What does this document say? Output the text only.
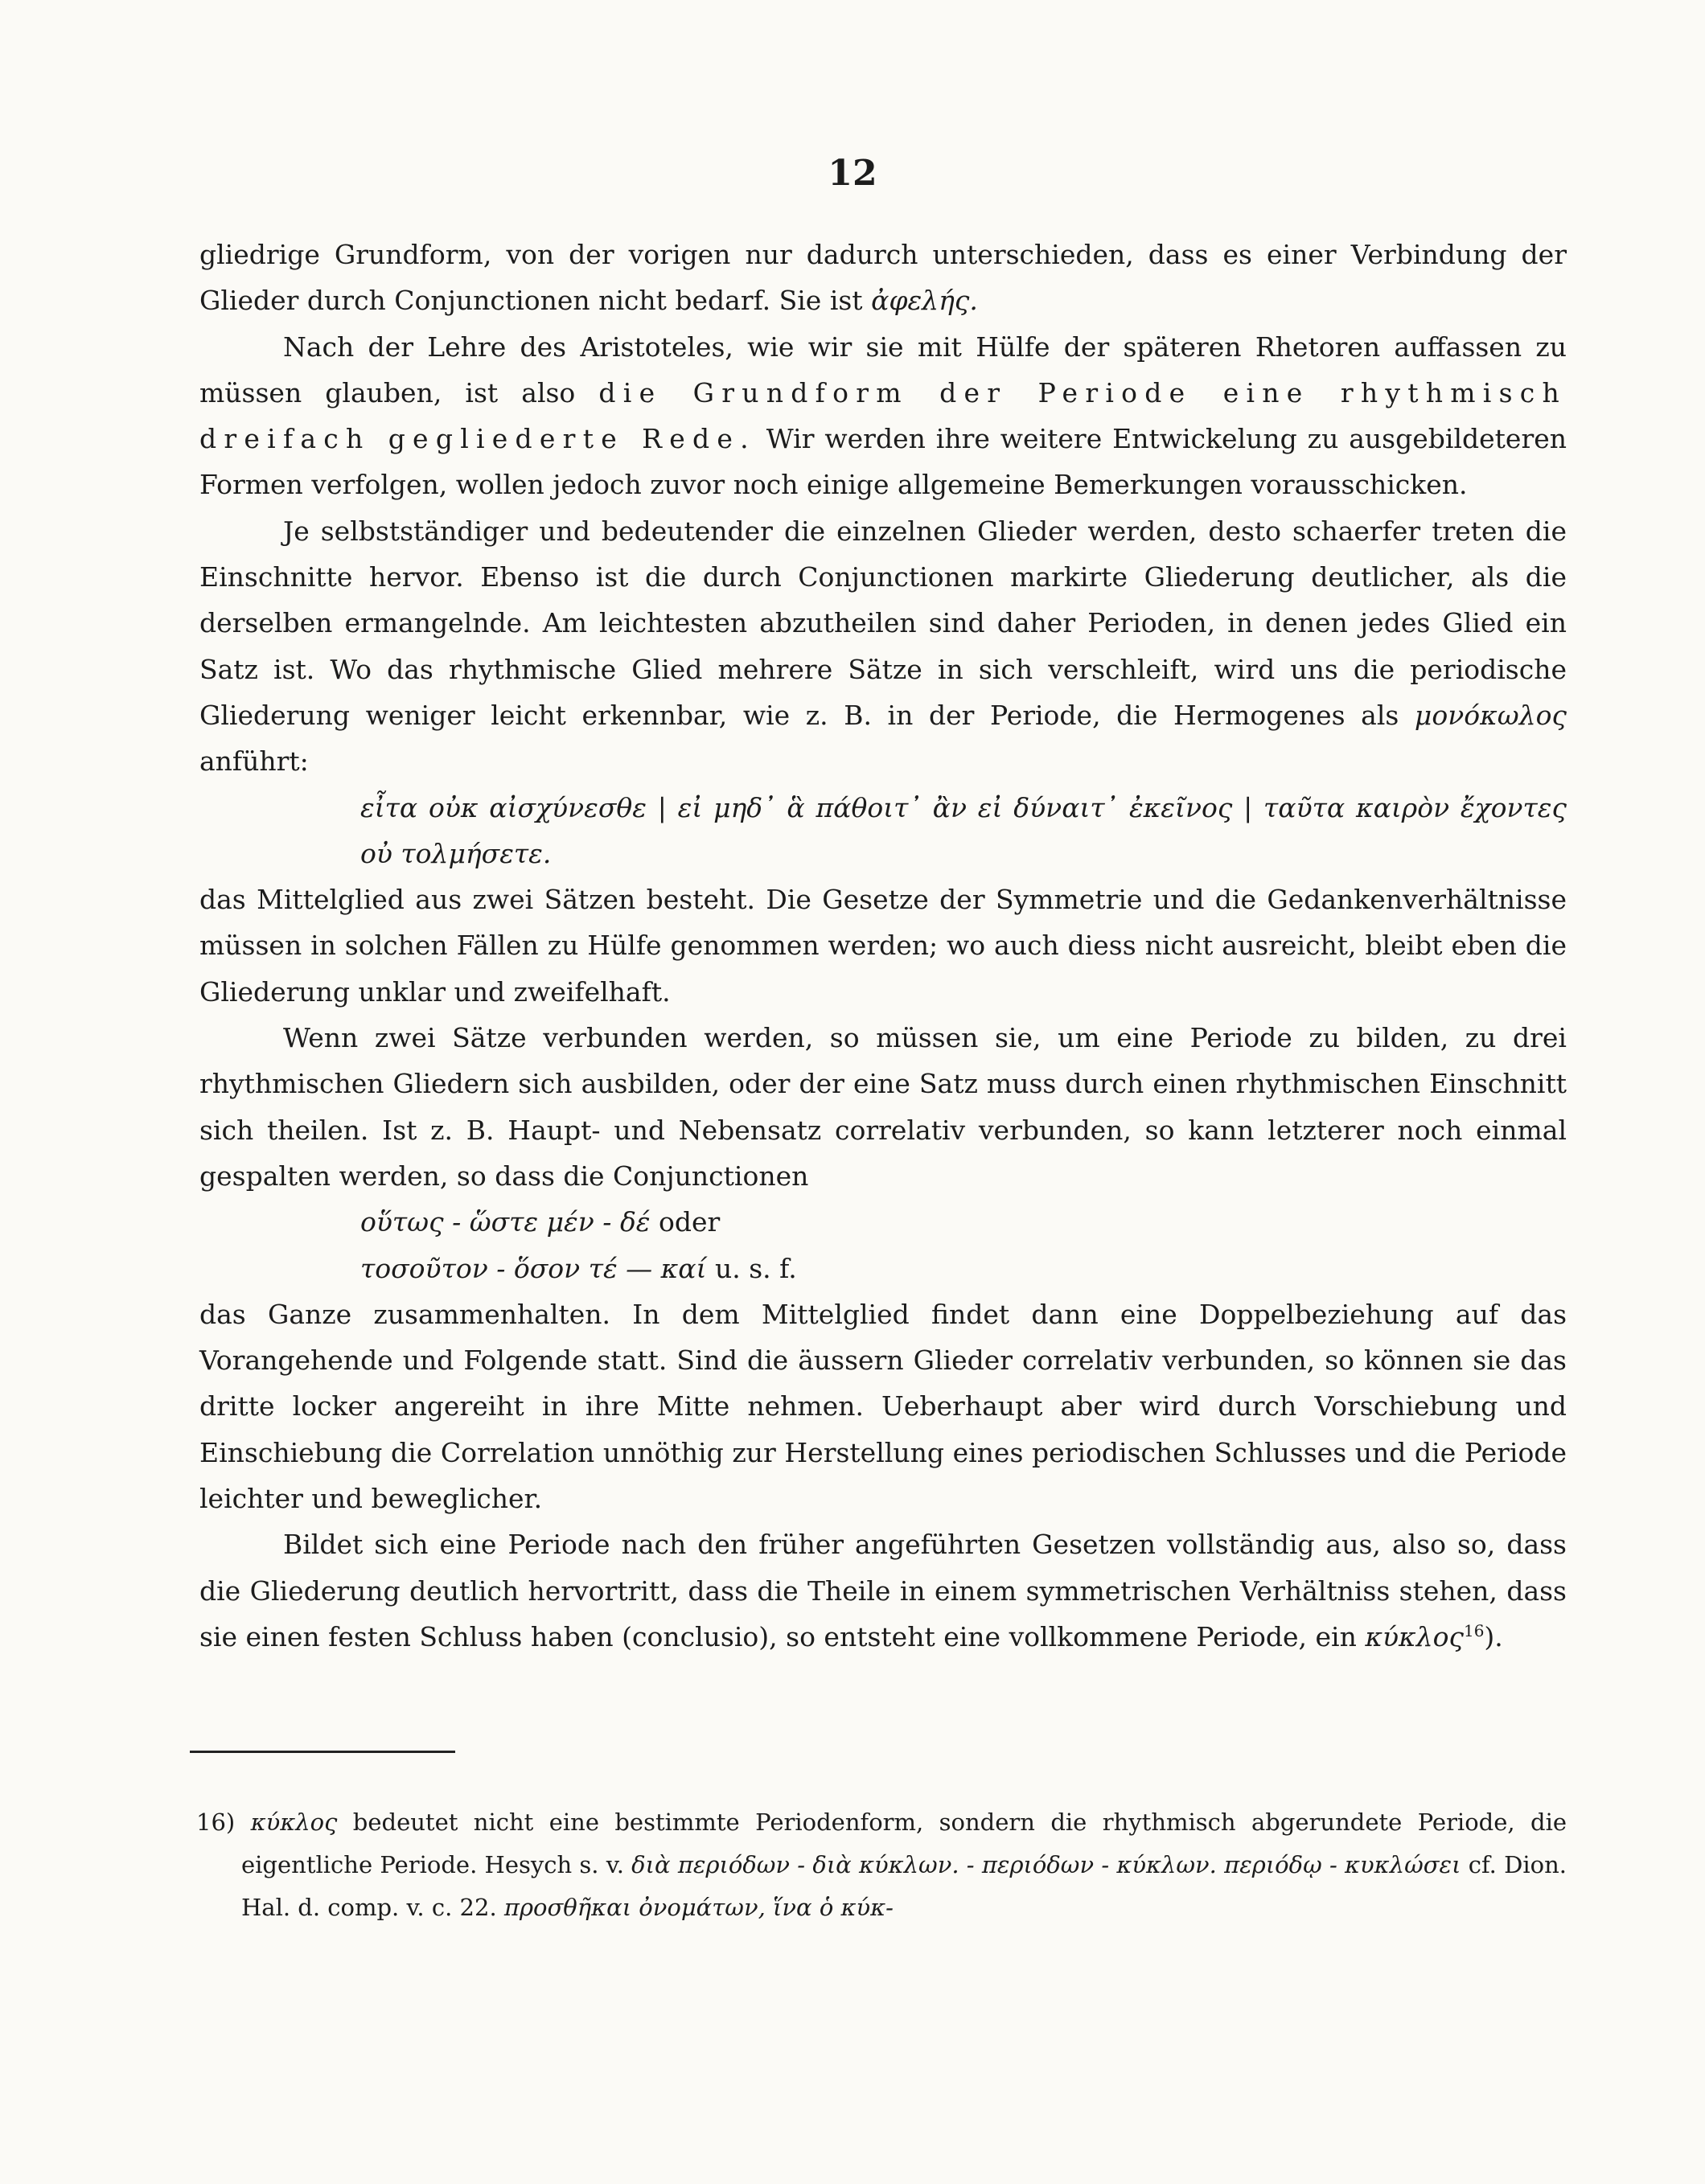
12

gliedrige Grundform, von der vorigen nur dadurch unterschieden, dass es einer Verbindung der Glieder durch Conjunctionen nicht bedarf. Sie ist ἀφελής.

Nach der Lehre des Aristoteles, wie wir sie mit Hülfe der späteren Rhetoren auffassen zu müssen glauben, ist also die Grundform der Periode eine rhythmisch dreifach gegliederte Rede. Wir werden ihre weitere Entwickelung zu ausgebildeteren Formen verfolgen, wollen jedoch zuvor noch einige allgemeine Bemerkungen vorausschicken.

Je selbstständiger und bedeutender die einzelnen Glieder werden, desto schaerfer treten die Einschnitte hervor. Ebenso ist die durch Conjunctionen markirte Gliederung deutlicher, als die derselben ermangelnde. Am leichtesten abzutheilen sind daher Perioden, in denen jedes Glied ein Satz ist. Wo das rhythmische Glied mehrere Sätze in sich verschleift, wird uns die periodische Gliederung weniger leicht erkennbar, wie z. B. in der Periode, die Hermogenes als μονόκωλος anführt:

εἶτα οὐκ αἰσχύνεσθε | εἰ μηδ᾽ ἃ πάθοιτ᾽ ἂν εἰ δύναιτ᾽ ἐκεῖνος | ταῦτα καιρὸν ἔχοντες οὐ τολμήσετε.

das Mittelglied aus zwei Sätzen besteht. Die Gesetze der Symmetrie und die Gedankenverhältnisse müssen in solchen Fällen zu Hülfe genommen werden; wo auch diess nicht ausreicht, bleibt eben die Gliederung unklar und zweifelhaft.

Wenn zwei Sätze verbunden werden, so müssen sie, um eine Periode zu bilden, zu drei rhythmischen Gliedern sich ausbilden, oder der eine Satz muss durch einen rhythmischen Einschnitt sich theilen. Ist z. B. Haupt- und Nebensatz correlativ verbunden, so kann letzterer noch einmal gespalten werden, so dass die Conjunctionen

οὕτως - ὥστε μέν - δέ oder

τοσοῦτον - ὅσον τέ — καί u. s. f.

das Ganze zusammenhalten. In dem Mittelglied findet dann eine Doppelbeziehung auf das Vorangehende und Folgende statt. Sind die äussern Glieder correlativ verbunden, so können sie das dritte locker angereiht in ihre Mitte nehmen. Ueberhaupt aber wird durch Vorschiebung und Einschiebung die Correlation unnöthig zur Herstellung eines periodischen Schlusses und die Periode leichter und beweglicher.

Bildet sich eine Periode nach den früher angeführten Gesetzen vollständig aus, also so, dass die Gliederung deutlich hervortritt, dass die Theile in einem symmetrischen Verhältniss stehen, dass sie einen festen Schluss haben (conclusio), so entsteht eine vollkommene Periode, ein κύκλος$^{16}$).

16) κύκλος bedeutet nicht eine bestimmte Periodenform, sondern die rhythmisch abgerundete Periode, die eigentliche Periode. Hesych s. v. διὰ περιόδων - διὰ κύκλων. - περιόδων - κύκλων. περιόδῳ - κυκλώσει cf. Dion. Hal. d. comp. v. c. 22. προσθῆκαι ὀνομάτων, ἵνα ὁ κύκ-
